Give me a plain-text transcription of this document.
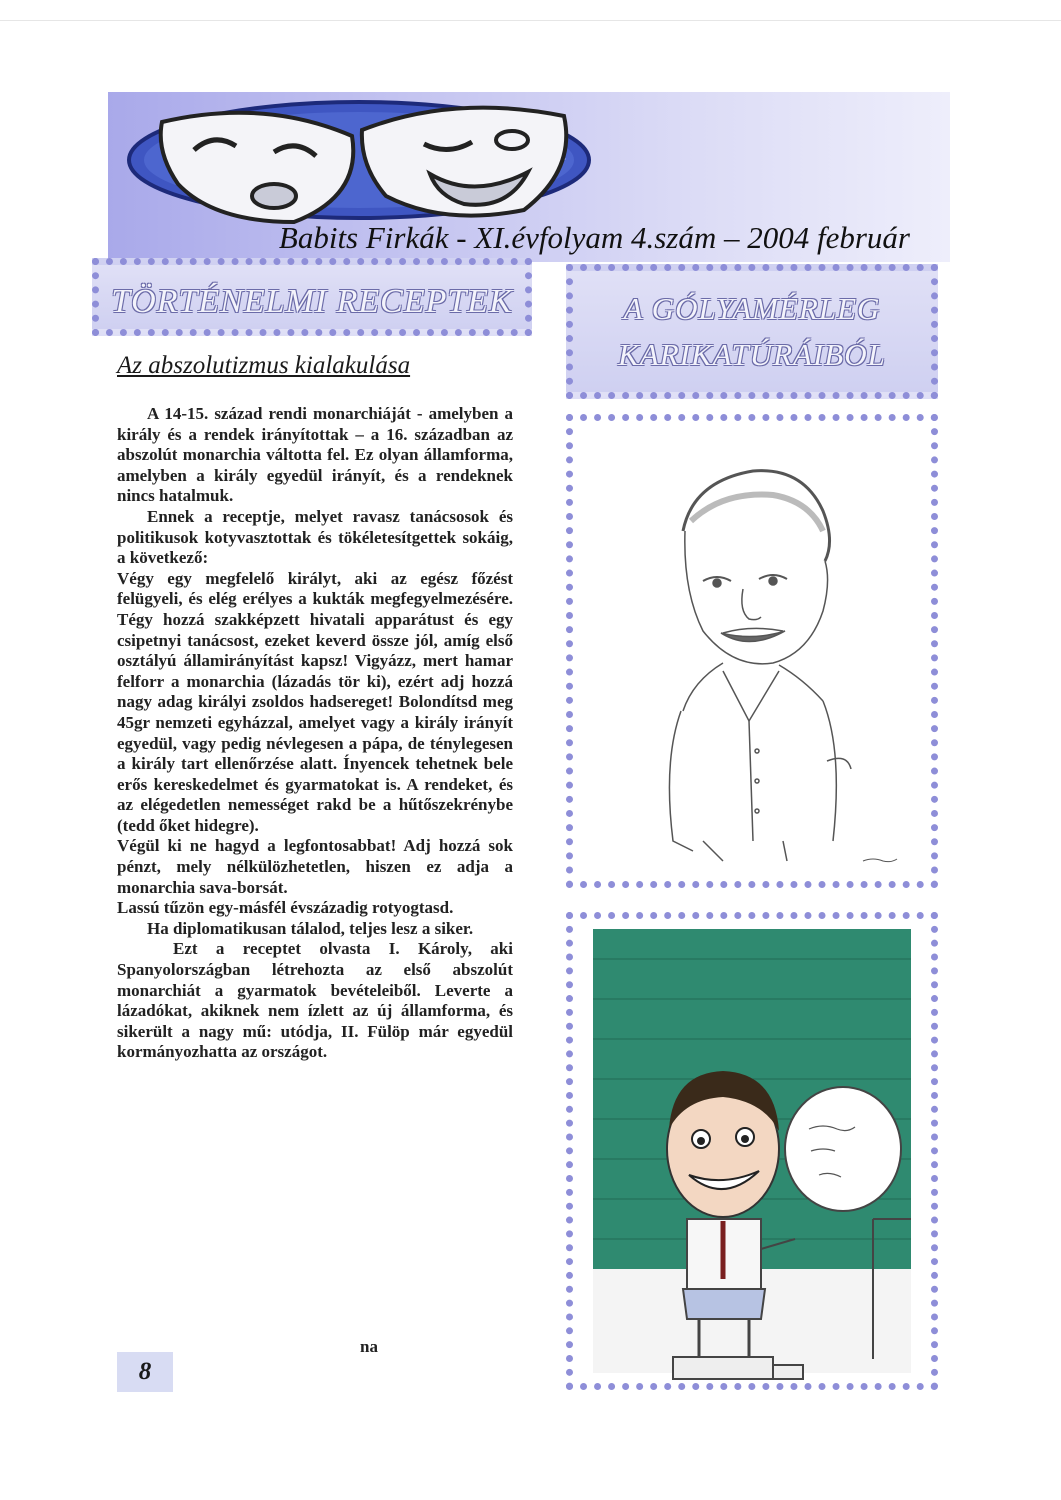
Babits Firkák - XI.évfolyam 4.szám – 2004 február
TÖRTÉNELMI RECEPTEK	A GÓLYAMÉRLEG
KARIKATÚRÁIBÓL
Az abszolutizmus kialakulása

A 14-15. század rendi monarchiáját - amelyben a király és a rendek irányítottak – a 16. században az abszolút monarchia váltotta fel. Ez olyan államforma, amelyben a király egyedül irányít, és a rendeknek nincs hatalmuk.

Ennek a receptje, melyet ravasz tanácsosok és politikusok kotyvasztottak és tökéletesítgettek sokáig, a következő:

Végy egy megfelelő királyt, aki az egész főzést felügyeli, és elég erélyes a kukták megfegyelmezésére. Tégy hozzá szakképzett hivatali apparátust és egy csipetnyi tanácsost, ezeket keverd össze jól, amíg első osztályú államirányítást kapsz! Vigyázz, mert hamar felforr a monarchia (lázadás tör ki), ezért adj hozzá nagy adag királyi zsoldos hadsereget! Bolondítsd meg 45gr nemzeti egyházzal, amelyet vagy a király irányít egyedül, vagy pedig névlegesen a pápa, de ténylegesen a király tart ellenőrzése alatt. Ínyencek tehetnek bele erős kereskedelmet és gyarmatokat is. A rendeket, és az elégedetlen nemességet rakd be a hűtőszekrénybe (tedd őket hidegre).

Végül ki ne hagyd a legfontosabbat! Adj hozzá sok pénzt, mely nélkülözhetetlen, hiszen ez adja a monarchia sava-borsát.

Lassú tűzön egy-másfél évszázadig rotyogtasd.

Ha diplomatikusan tálalod, teljes lesz a siker.

Ezt a receptet olvasta I. Károly, aki Spanyolországban létrehozta az első abszolút monarchiát a gyarmatok bevételeiből. Leverte a lázadókat, akiknek nem ízlett az új államforma, és sikerült a nagy mű: utódja, II. Fülöp már egyedül kormányozhatta az országot.

na
8
